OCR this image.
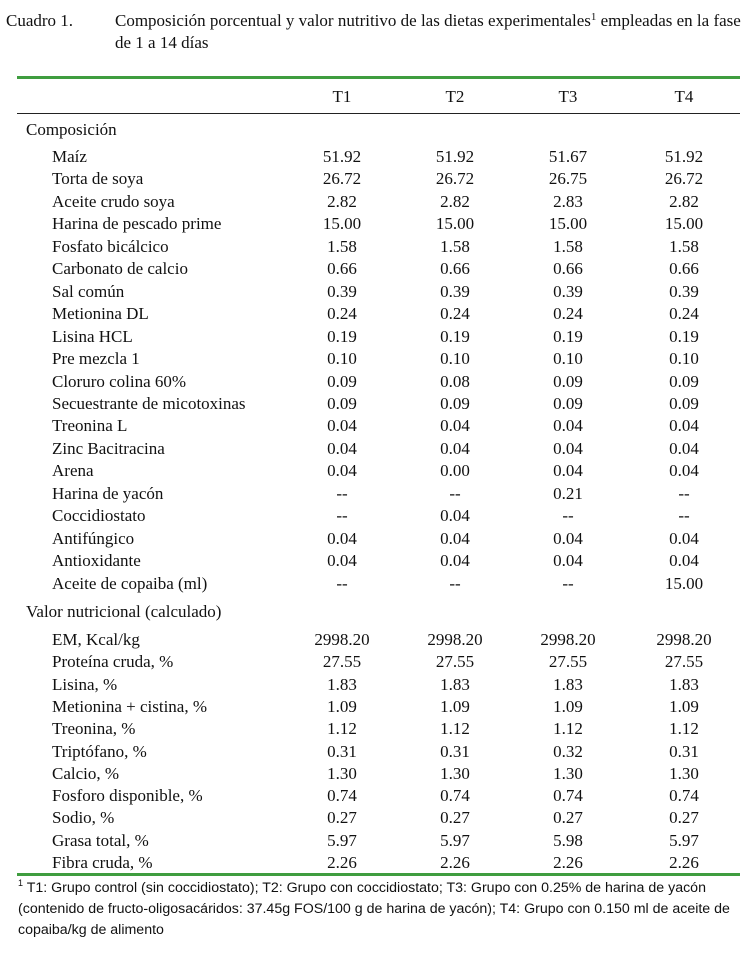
Cuadro 1. Composición porcentual y valor nutritivo de las dietas experimentales$^1$ empleadas en la fase de 1 a 14 días
T1	T2	T3	T4
Composición
Maíz	51.92	51.92	51.67	51.92
Torta de soya	26.72	26.72	26.75	26.72
Aceite crudo soya	2.82	2.82	2.83	2.82
Harina de pescado prime	15.00	15.00	15.00	15.00
Fosfato bicálcico	1.58	1.58	1.58	1.58
Carbonato de calcio	0.66	0.66	0.66	0.66
Sal común	0.39	0.39	0.39	0.39
Metionina DL	0.24	0.24	0.24	0.24
Lisina HCL	0.19	0.19	0.19	0.19
Pre mezcla 1	0.10	0.10	0.10	0.10
Cloruro colina 60%	0.09	0.08	0.09	0.09
Secuestrante de micotoxinas	0.09	0.09	0.09	0.09
Treonina L	0.04	0.04	0.04	0.04
Zinc Bacitracina	0.04	0.04	0.04	0.04
Arena	0.04	0.00	0.04	0.04
Harina de yacón	--	--	0.21	--
Coccidiostato	--	0.04	--	--
Antifúngico	0.04	0.04	0.04	0.04
Antioxidante	0.04	0.04	0.04	0.04
Aceite de copaiba (ml)	--	--	--	15.00
Valor nutricional (calculado)
EM, Kcal/kg	2998.20	2998.20	2998.20	2998.20
Proteína cruda, %	27.55	27.55	27.55	27.55
Lisina, %	1.83	1.83	1.83	1.83
Metionina + cistina, %	1.09	1.09	1.09	1.09
Treonina, %	1.12	1.12	1.12	1.12
Triptófano, %	0.31	0.31	0.32	0.31
Calcio, %	1.30	1.30	1.30	1.30
Fosforo disponible, %	0.74	0.74	0.74	0.74
Sodio, %	0.27	0.27	0.27	0.27
Grasa total, %	5.97	5.97	5.98	5.97
Fibra cruda, %	2.26	2.26	2.26	2.26
$^1$ T1: Grupo control (sin coccidiostato); T2: Grupo con coccidiostato; T3: Grupo con 0.25% de harina de yacón (contenido de fructo-oligosacáridos: 37.45g FOS/100 g de harina de yacón); T4: Grupo con 0.150 ml de aceite de copaiba/kg de alimento
